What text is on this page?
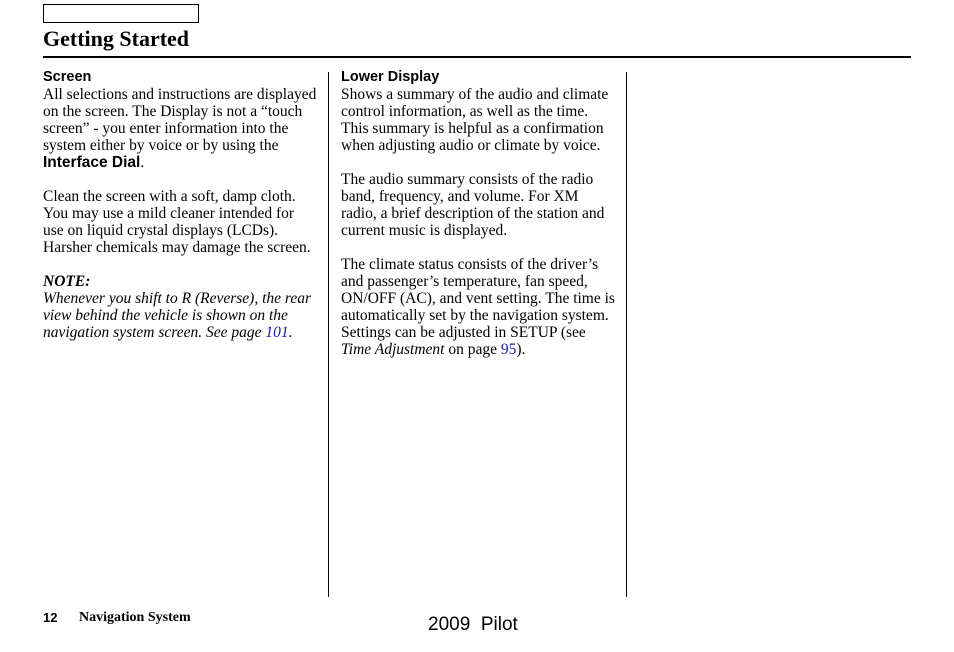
Getting Started
Screen

All selections and instructions are displayed on the screen. The Display is not a “touch screen” - you enter information into the system either by voice or by using the Interface Dial.

Clean the screen with a soft, damp cloth. You may use a mild cleaner intended for use on liquid crystal displays (LCDs). Harsher chemicals may damage the screen.

NOTE:

Whenever you shift to R (Reverse), the rear view behind the vehicle is shown on the navigation system screen. See page 101.

Lower Display

Shows a summary of the audio and climate control information, as well as the time. This summary is helpful as a confirmation when adjusting audio or climate by voice.

The audio summary consists of the radio band, frequency, and volume. For XM radio, a brief description of the station and current music is displayed.

The climate status consists of the driver’s and passenger’s temperature, fan speed, ON/OFF (AC), and vent setting. The time is automatically set by the navigation system. Settings can be adjusted in SETUP (see Time Adjustment on page 95).

12 Navigation System	2009  Pilot
